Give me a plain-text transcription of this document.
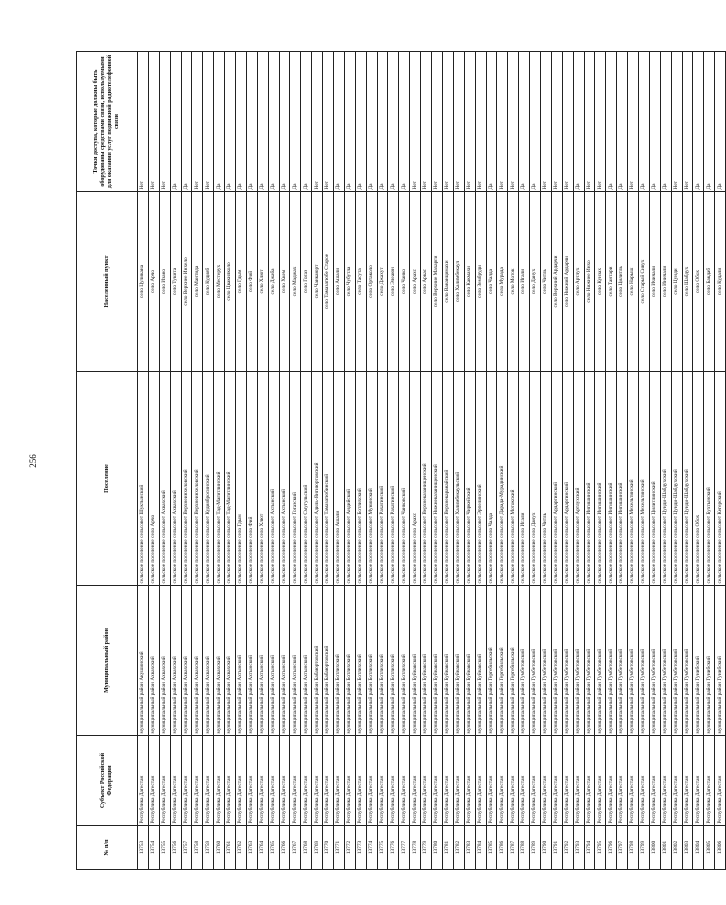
256
№ п/п	Субъект Российской Федерации	Муниципальный район	Поселение	Населенный пункт	Точки доступа, которые должны быть оборудованы средствами связи, используемыми для оказания услуг подвижной радиотелефонной связи
13753	Республика Дагестан	муниципальный район Акушинский	сельское поселение сельсовет Шуктынский	село Цуликана	Нет
13754	Республика Дагестан	муниципальный район Ахвахский	сельское поселение село Арчо	село Арчо	Нет
13755	Республика Дагестан	муниципальный район Ахвахский	сельское поселение сельсовет Ахвахский	село Изано	Нет
13756	Республика Дагестан	муниципальный район Ахвахский	сельское поселение сельсовет Ахвахский	село Тукита	Да
13757	Республика Дагестан	муниципальный район Ахвахский	сельское поселение сельсовет Верхнеинхеловский	село Верхнее Инхело	Да
13758	Республика Дагестан	муниципальный район Ахвахский	сельское поселение сельсовет Верхнеинхеловский	село Мантида	Нет
13759	Республика Дагестан	муниципальный район Ахвахский	сельское поселение сельсовет Кудиябросинский	село Кудияб	Нет
13760	Республика Дагестан	муниципальный район Ахвахский	сельское поселение сельсовет Тад-Магитлинский	село Местерух	Да
13761	Республика Дагестан	муниципальный район Ахвахский	сельское поселение сельсовет Тад-Магитлинский	село Цвакилколо	Да
13762	Республика Дагестан	муниципальный район Ахтынский	сельское поселение село Гдым	село Гдым	Да
13763	Республика Дагестан	муниципальный район Ахтынский	сельское поселение село Фий	село Фий	Да
13764	Республика Дагестан	муниципальный район Ахтынский	сельское поселение село Хлют	село Хлют	Да
13765	Республика Дагестан	муниципальный район Ахтынский	сельское поселение сельсовет Ахтынский	село Джаба	Да
13766	Республика Дагестан	муниципальный район Ахтынский	сельское поселение сельсовет Ахтынский	село Хкем	Да
13767	Республика Дагестан	муниципальный район Ахтынский	сельское поселение сельсовет Гогазский	село Маджах	Да
13768	Республика Дагестан	муниципальный район Ахтынский	сельское поселение сельсовет Смугульский	село Гогаз	Да
13769	Республика Дагестан	муниципальный район Бабаюртовский	сельское поселение сельсовет Адиль-Янгиюртовский	село Чанкаюрт	Нет
13770	Республика Дагестан	муниципальный район Бабаюртовский	сельское поселение сельсовет Тамазатюбинский	село Тамазатюбе Старое	Нет
13771	Республика Дагестан	муниципальный район Ботлихский	сельское поселение село Ашали	село Ашали	Да
13772	Республика Дагестан	муниципальный район Ботлихский	сельское поселение сельсовет Андийский	село Чубутла	Да
13773	Республика Дагестан	муниципальный район Ботлихский	сельское поселение сельсовет Ботлихский	село Тасута	Да
13774	Республика Дагестан	муниципальный район Ботлихский	сельское поселение сельсовет Мунинский	село Ортаколо	Да
13775	Республика Дагестан	муниципальный район Ботлихский	сельское поселение сельсовет Рахатинский	село Джахут	Да
13776	Республика Дагестан	муниципальный район Ботлихский	сельское поселение сельсовет Рахатинский	село Элеаюн	Да
13777	Республика Дагестан	муниципальный район Ботлихский	сельское поселение сельсовет Чанковский	село Чанко	Да
13778	Республика Дагестан	муниципальный район Буйнакский	сельское поселение село Арахс	село Арахс	Нет
13779	Республика Дагестан	муниципальный район Буйнакский	сельское поселение сельсовет Верхнеказанищенский	село Аркас	Нет
13780	Республика Дагестан	муниципальный район Буйнакский	сельское поселение сельсовет Нижнеказанищенский	село Верхние Махарги	Нет
13781	Республика Дагестан	муниципальный район Буйнакский	сельское поселение сельсовет Верхнекаранайский	село Вананцимахи	Нет
13782	Республика Дагестан	муниципальный район Буйнакский	сельское поселение сельсовет Халимбекаульский	село Халимбекаул	Нет
13783	Республика Дагестан	муниципальный район Буйнакский	сельское поселение сельсовет Чиркейский	село Какмахи	Нет
13784	Республика Дагестан	муниципальный район Буйнакский	сельское поселение сельсовет Эрпелинский	село Зембруди	Нет
13785	Республика Дагестан	муниципальный район Гергебильский	сельское поселение село Чалда	село Чалда	Да
13786	Республика Дагестан	муниципальный район Гергебильский	сельское поселение сельсовет Дарада-Мурадинский	село Мурада	Нет
13787	Республика Дагестан	муниципальный район Гергебильский	сельское поселение сельсовет Мотокский	село Моток	Нет
13788	Республика Дагестан	муниципальный район Гумбетовский	сельское поселение село Игали	село Игали	Да
13789	Республика Дагестан	муниципальный район Гумбетовский	сельское поселение село Данух	село Данух	Да
13790	Республика Дагестан	муниципальный район Гумбетовский	сельское поселение село Читль	село Читль	Нет
13791	Республика Дагестан	муниципальный район Гумбетовский	сельское поселение сельсовет Ардаргинский	село Верхний Ардарчи	Нет
13792	Республика Дагестан	муниципальный район Гумбетовский	сельское поселение сельсовет Ардаргинский	село Нижний Ардарчи	Нет
13793	Республика Дагестан	муниципальный район Гумбетовский	сельское поселение сельсовет Артлухский	село Артлух	Да
13794	Республика Дагестан	муниципальный район Гумбетовский	сельское поселение сельсовет Ингишинский	село Нижнее Инхо	Нет
13795	Республика Дагестан	муниципальный район Гумбетовский	сельское поселение сельсовет Ингишинский	село Кунзах	Нет
13796	Республика Дагестан	муниципальный район Гумбетовский	сельское поселение сельсовет Ингишинский	село Тантари	Да
13797	Республика Дагестан	муниципальный район Гумбетовский	сельское поселение сельсовет Ингишинский	село Цилитль	Да
13798	Республика Дагестан	муниципальный район Гумбетовский	сельское поселение сельсовет Мехельтинский	село Нарыш	Нет
13799	Республика Дагестан	муниципальный район Гумбетовский	сельское поселение сельсовет Мехельтинский	село Старый Сивух	Да
13800	Республика Дагестан	муниципальный район Гумбетовский	сельское поселение сельсовет Цилитлинский	село Ичичали	Да
13801	Республика Дагестан	муниципальный район Гумбетовский	сельское поселение сельсовет Цунди-Шабдухский	село Иничали	Да
13802	Республика Дагестан	муниципальный район Гумбетовский	сельское поселение сельсовет Цунди-Шабдухский	село Цунди	Нет
13803	Республика Дагестан	муниципальный район Гумбетовский	сельское поселение сельсовет Цунди-Шабдухский	село Шабдух	Нет
13804	Республика Дагестан	муниципальный район Гунибский	сельское поселение село Обох	село Обох	Да
13805	Республика Дагестан	муниципальный район Гунибский	сельское поселение сельсовет Бухтынский	село Бакдаб	Да
13806	Республика Дагестан	муниципальный район Гунибский	сельское поселение сельсовет Кегерский	село Кудали	Да
